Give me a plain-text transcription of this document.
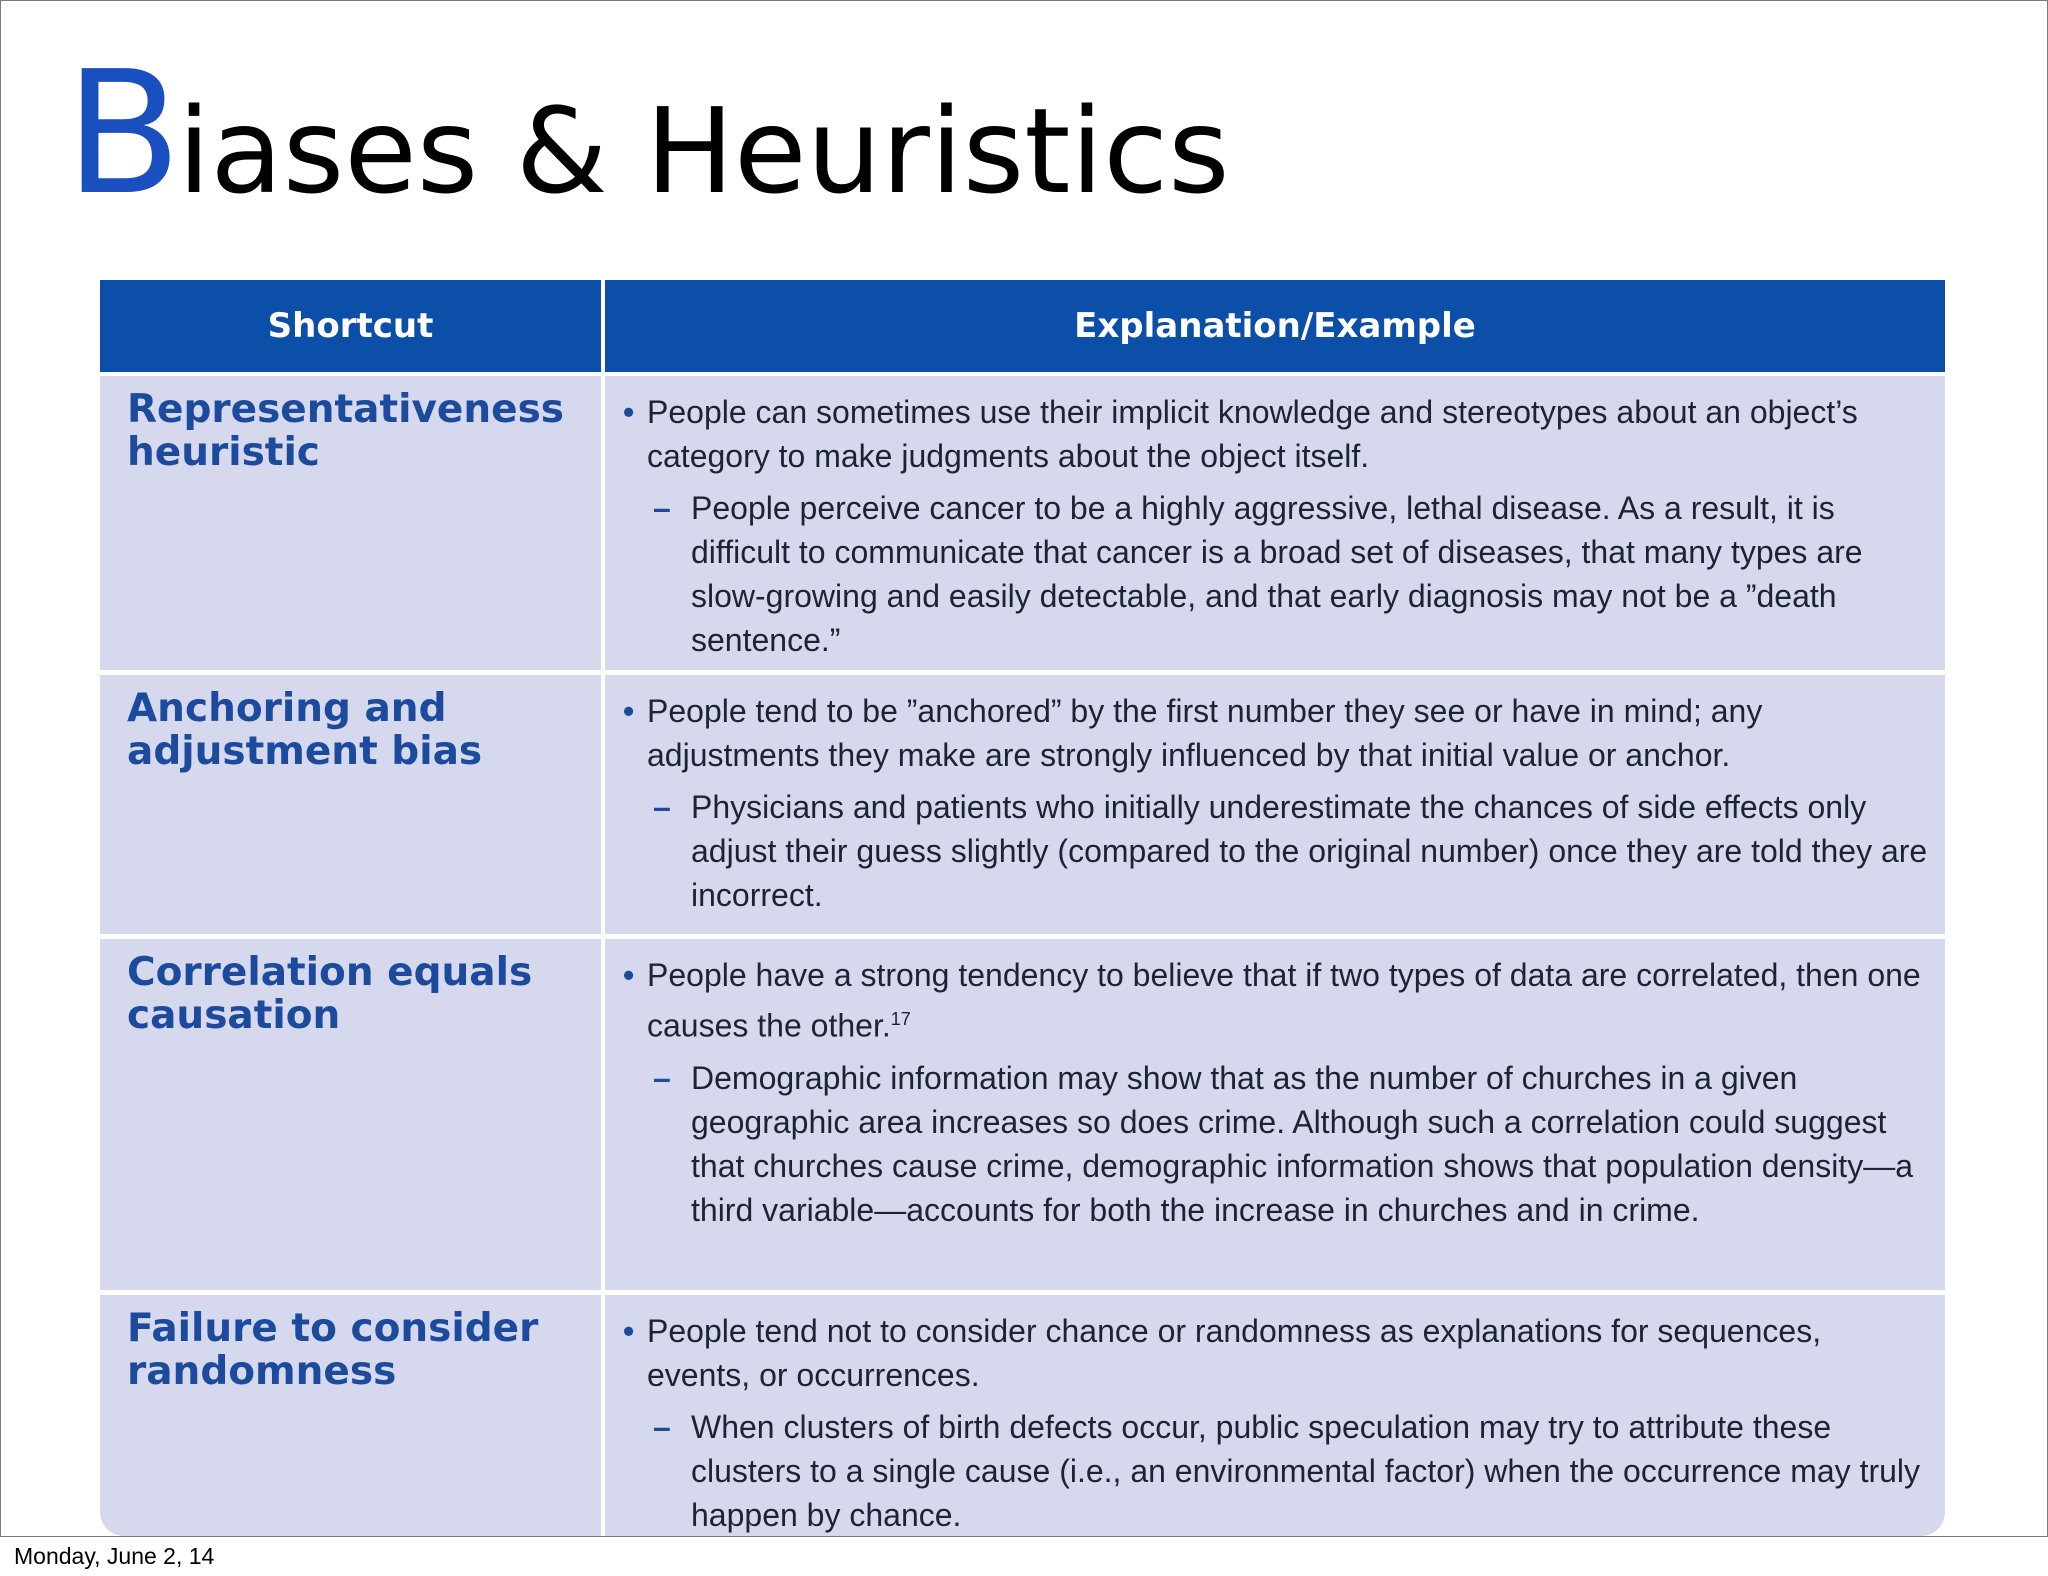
Biases & Heuristics
Shortcut	Explanation/Example

Representativeness heuristic	• People can sometimes use their implicit knowledge and stereotypes about an object’s category to make judgments about the object itself.
– People perceive cancer to be a highly aggressive, lethal disease. As a result, it is difficult to communicate that cancer is a broad set of diseases, that many types are slow-growing and easily detectable, and that early diagnosis may not be a ”death sentence.”

Anchoring and adjustment bias	• People tend to be ”anchored” by the first number they see or have in mind; any adjustments they make are strongly influenced by that initial value or anchor.
– Physicians and patients who initially underestimate the chances of side effects only adjust their guess slightly (compared to the original number) once they are told they are incorrect.

Correlation equals causation	• People have a strong tendency to believe that if two types of data are correlated, then one causes the other.$^{17}$
– Demographic information may show that as the number of churches in a given geographic area increases so does crime. Although such a correlation could suggest that churches cause crime, demographic information shows that population density—a third variable—accounts for both the increase in churches and in crime.

Failure to consider randomness	• People tend not to consider chance or randomness as explanations for sequences, events, or occurrences.
– When clusters of birth defects occur, public speculation may try to attribute these clusters to a single cause (i.e., an environmental factor) when the occurrence may truly happen by chance.
Monday, June 2, 14
